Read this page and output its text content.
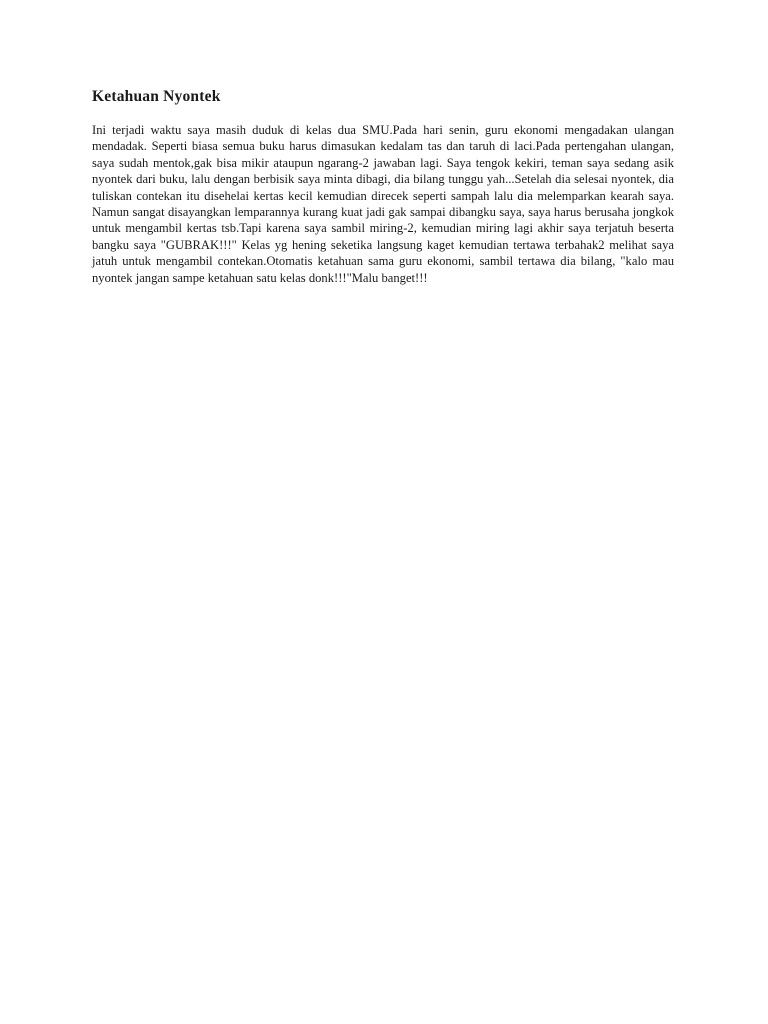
Ketahuan Nyontek

Ini terjadi waktu saya masih duduk di kelas dua SMU.Pada hari senin, guru ekonomi mengadakan ulangan mendadak. Seperti biasa semua buku harus dimasukan kedalam tas dan taruh di laci.Pada pertengahan ulangan, saya sudah mentok,gak bisa mikir ataupun ngarang-2 jawaban lagi. Saya tengok kekiri, teman saya sedang asik nyontek dari buku, lalu dengan berbisik saya minta dibagi, dia bilang tunggu yah...Setelah dia selesai nyontek, dia tuliskan contekan itu disehelai kertas kecil kemudian direcek seperti sampah lalu dia melemparkan kearah saya. Namun sangat disayangkan lemparannya kurang kuat jadi gak sampai dibangku saya, saya harus berusaha jongkok untuk mengambil kertas tsb.Tapi karena saya sambil miring-2, kemudian miring lagi akhir saya terjatuh beserta bangku saya "GUBRAK!!!" Kelas yg hening seketika langsung kaget kemudian tertawa terbahak2 melihat saya jatuh untuk mengambil contekan.Otomatis ketahuan sama guru ekonomi, sambil tertawa dia bilang, "kalo mau nyontek jangan sampe ketahuan satu kelas donk!!!"Malu banget!!!
